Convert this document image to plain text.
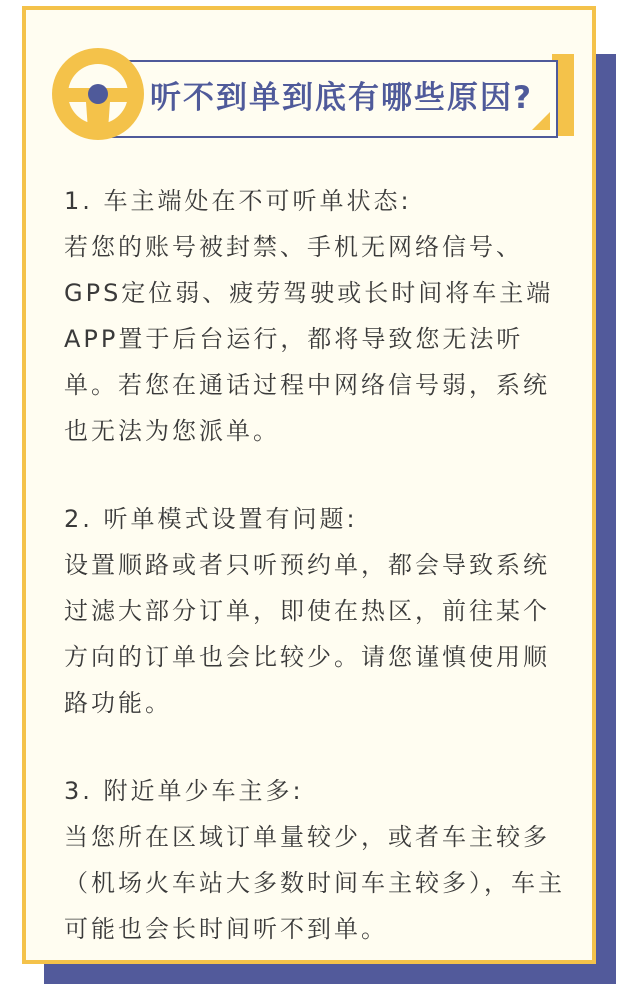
听不到单到底有哪些原因?
1. 车主端处在不可听单状态:
若您的账号被封禁、手机无网络信号、GPS定位弱、疲劳驾驶或长时间将车主端APP置于后台运行，都将导致您无法听单。若您在通话过程中网络信号弱，系统也无法为您派单。
2. 听单模式设置有问题:
设置顺路或者只听预约单，都会导致系统过滤大部分订单，即使在热区，前往某个方向的订单也会比较少。请您谨慎使用顺路功能。
3. 附近单少车主多:
当您所在区域订单量较少，或者车主较多（机场火车站大多数时间车主较多），车主可能也会长时间听不到单。
